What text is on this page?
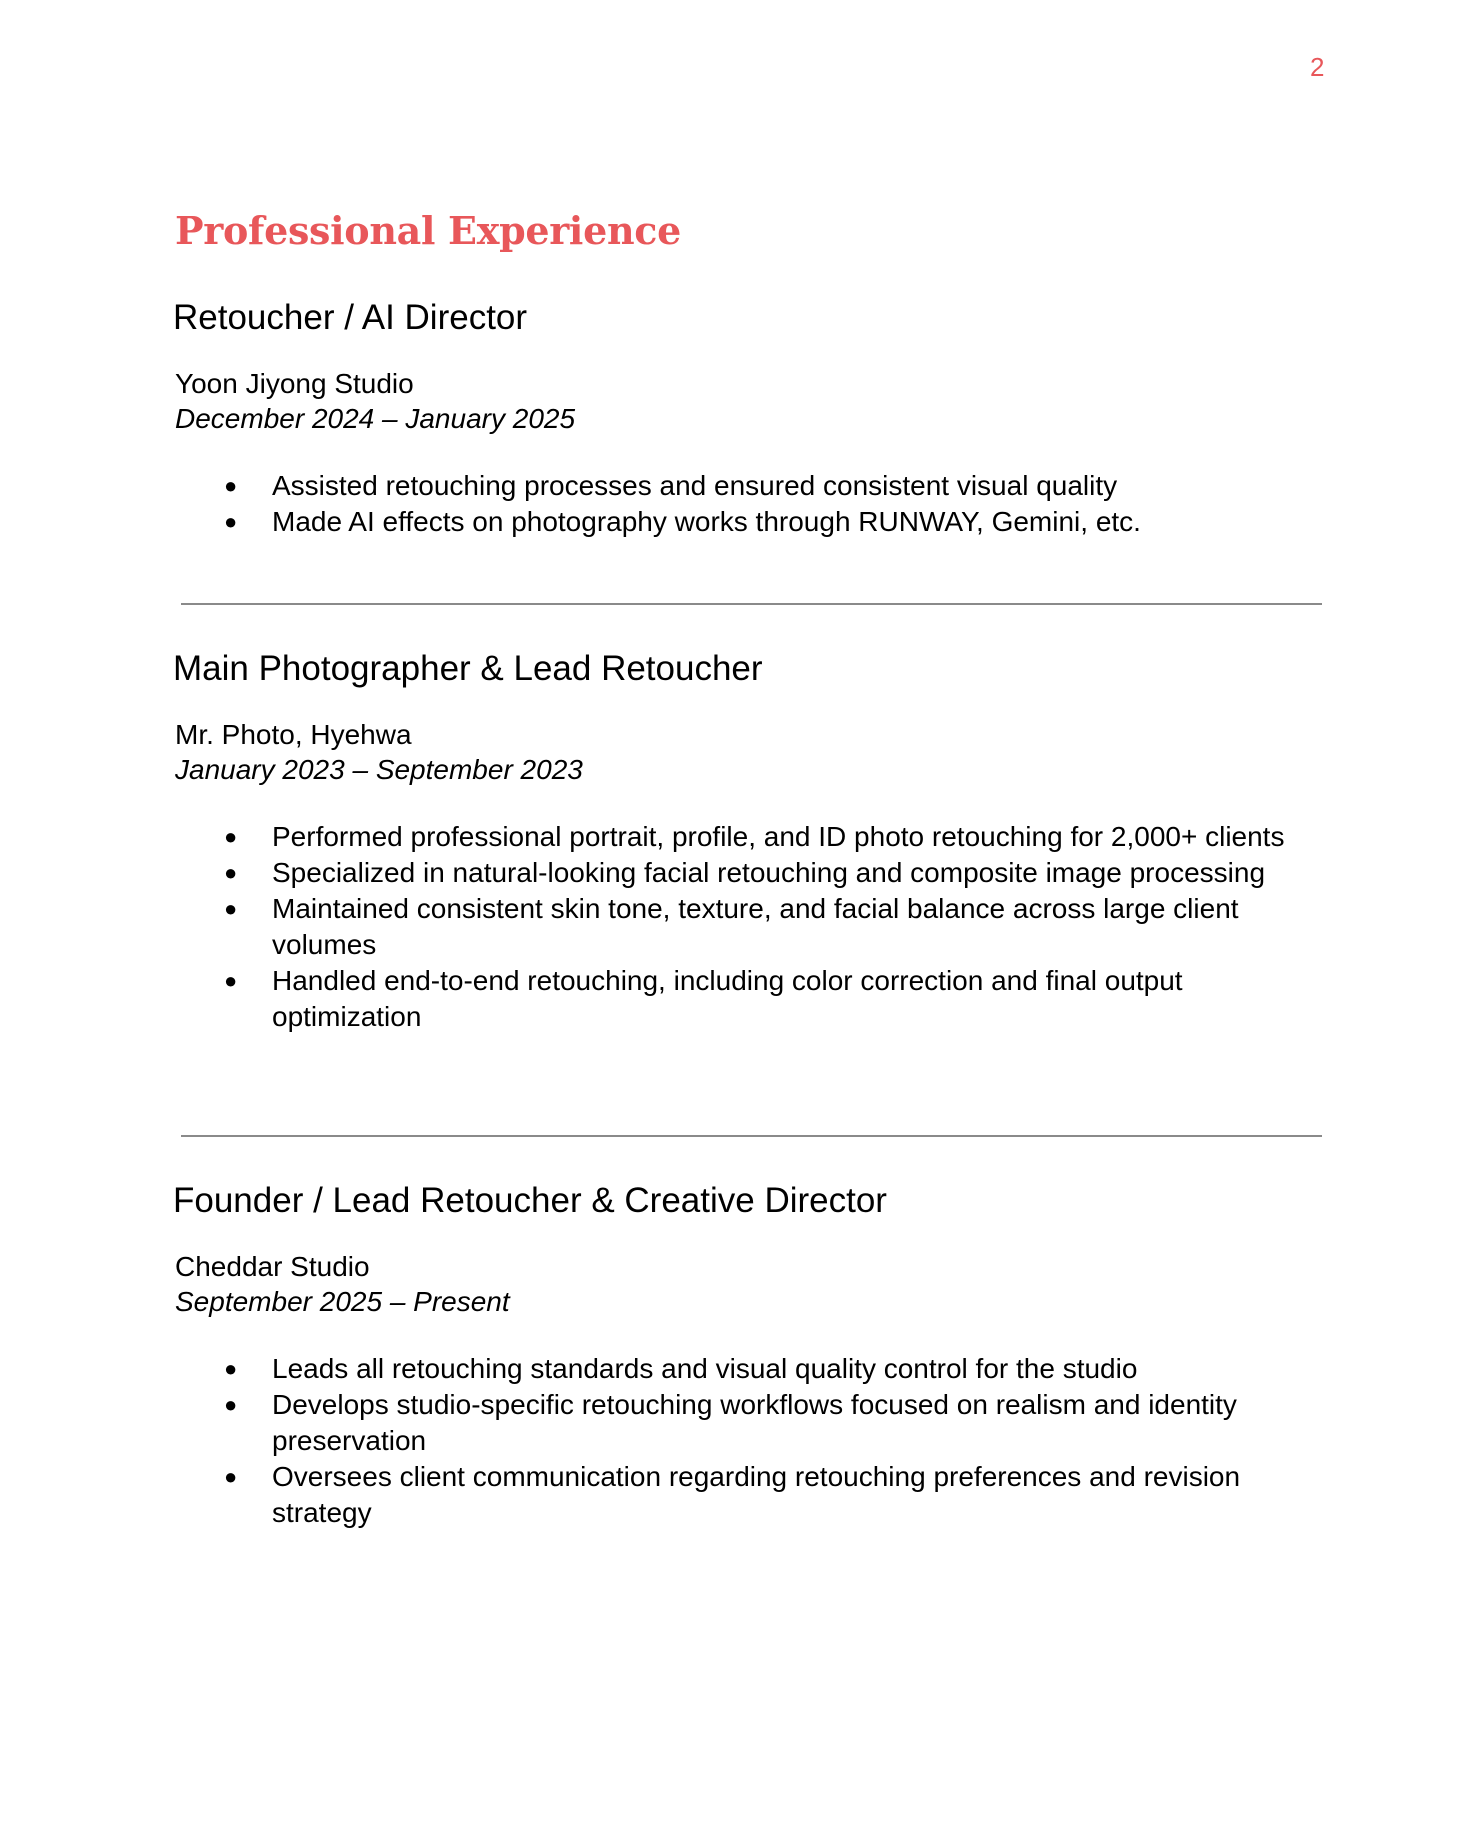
2
Professional Experience
Retoucher / AI Director
Yoon Jiyong Studio
December 2024 – January 2025
● Assisted retouching processes and ensured consistent visual quality
● Made AI effects on photography works through RUNWAY, Gemini, etc.
Main Photographer & Lead Retoucher
Mr. Photo, Hyehwa
January 2023 – September 2023
● Performed professional portrait, profile, and ID photo retouching for 2,000+ clients
● Specialized in natural-looking facial retouching and composite image processing
● Maintained consistent skin tone, texture, and facial balance across large client volumes
● Handled end-to-end retouching, including color correction and final output optimization
Founder / Lead Retoucher & Creative Director
Cheddar Studio
September 2025 – Present
● Leads all retouching standards and visual quality control for the studio
● Develops studio-specific retouching workflows focused on realism and identity preservation
● Oversees client communication regarding retouching preferences and revision strategy
